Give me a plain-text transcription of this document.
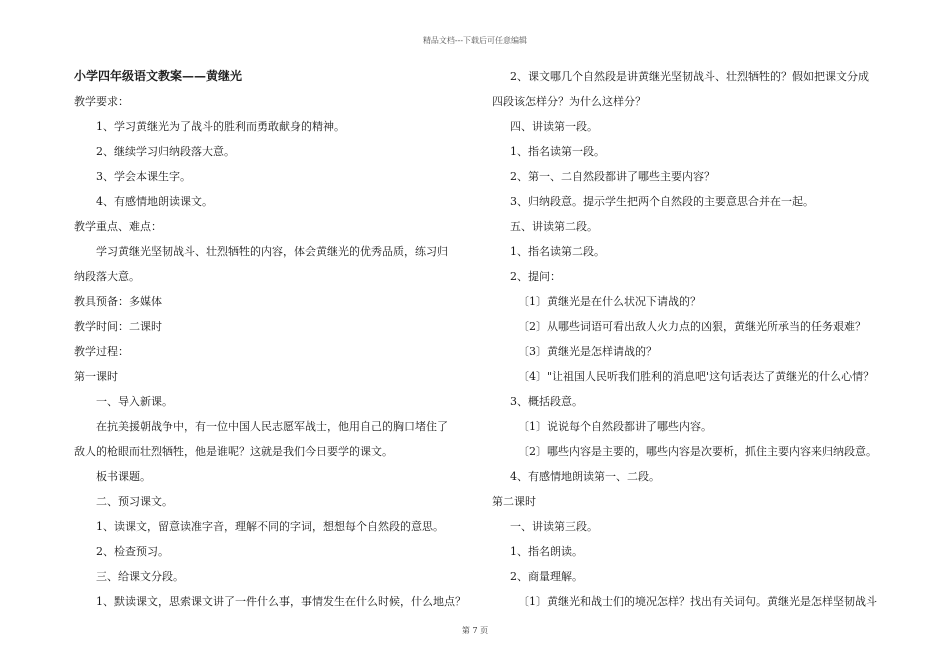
精品文档---下载后可任意编辑
小学四年级语文教案——黄继光
教学要求：
1、学习黄继光为了战斗的胜利而勇敢献身的精神。
2、继续学习归纳段落大意。
3、学会本课生字。
4、有感情地朗读课文。
教学重点、难点：
学习黄继光坚韧战斗、壮烈牺牲的内容，体会黄继光的优秀品质，练习归
纳段落大意。
教具预备：多媒体
教学时间：二课时
教学过程：
第一课时
一、导入新课。
在抗美援朝战争中，有一位中国人民志愿军战士，他用自己的胸口堵住了
敌人的枪眼而壮烈牺牲，他是谁呢？这就是我们今日要学的课文。
板书课题。
二、预习课文。
1、读课文，留意读准字音，理解不同的字词，想想每个自然段的意思。
2、检查预习。
三、给课文分段。
1、默读课文，思索课文讲了一件什么事，事情发生在什么时候，什么地点？
2、课文哪几个自然段是讲黄继光坚韧战斗、壮烈牺牲的？假如把课文分成
四段该怎样分？为什么这样分？
四、讲读第一段。
1、指名读第一段。
2、第一、二自然段都讲了哪些主要内容？
3、归纳段意。提示学生把两个自然段的主要意思合并在一起。
五、讲读第二段。
1、指名读第二段。
2、提问：
〔1〕黄继光是在什么状况下请战的？
〔2〕从哪些词语可看出敌人火力点的凶狠，黄继光所承当的任务艰难？
〔3〕黄继光是怎样请战的？
〔4〕"让祖国人民听我们胜利的消息吧'这句话表达了黄继光的什么心情？
3、概括段意。
〔1〕说说每个自然段都讲了哪些内容。
〔2〕哪些内容是主要的，哪些内容是次要析，抓住主要内容来归纳段意。
4、有感情地朗读第一、二段。
第二课时
一、讲读第三段。
1、指名朗读。
2、商量理解。
〔1〕黄继光和战士们的境况怎样？找出有关词句。黄继光是怎样坚韧战斗
第 7 页
